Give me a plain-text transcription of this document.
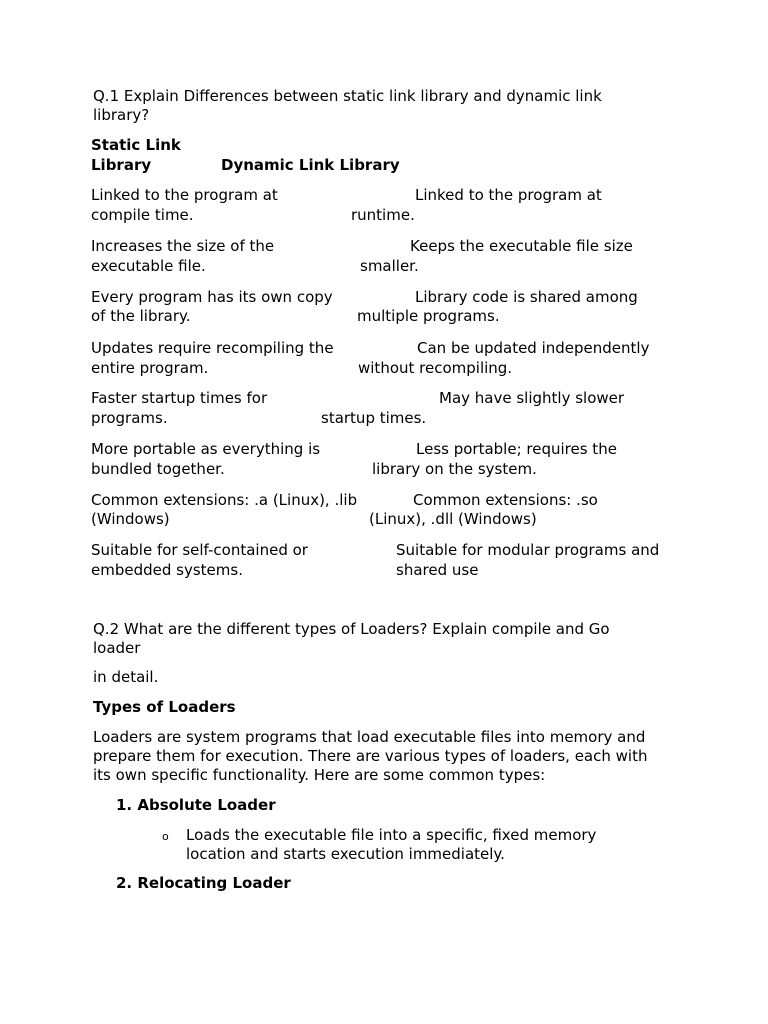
Q.1 Explain Differences between static link library and dynamic link
library?
Static Link
Library	Dynamic Link Library
Linked to the program at
compile time.
Linked to the program at
runtime.
Increases the size of the
executable file.
Keeps the executable file size
smaller.
Every program has its own copy
of the library.
Library code is shared among
multiple programs.
Updates require recompiling the
entire program.
Can be updated independently
without recompiling.
Faster startup times for
programs.
May have slightly slower
startup times.
More portable as everything is
bundled together.
Less portable; requires the
library on the system.
Common extensions: .a (Linux), .lib
(Windows)
Common extensions: .so
(Linux), .dll (Windows)
Suitable for self-contained or
embedded systems.
Suitable for modular programs and
shared use
Q.2 What are the different types of Loaders? Explain compile and Go
loader
in detail.
Types of Loaders
Loaders are system programs that load executable files into memory and
prepare them for execution. There are various types of loaders, each with
its own specific functionality. Here are some common types:
1. Absolute Loader
o Loads the executable file into a specific, fixed memory
location and starts execution immediately.
2. Relocating Loader
